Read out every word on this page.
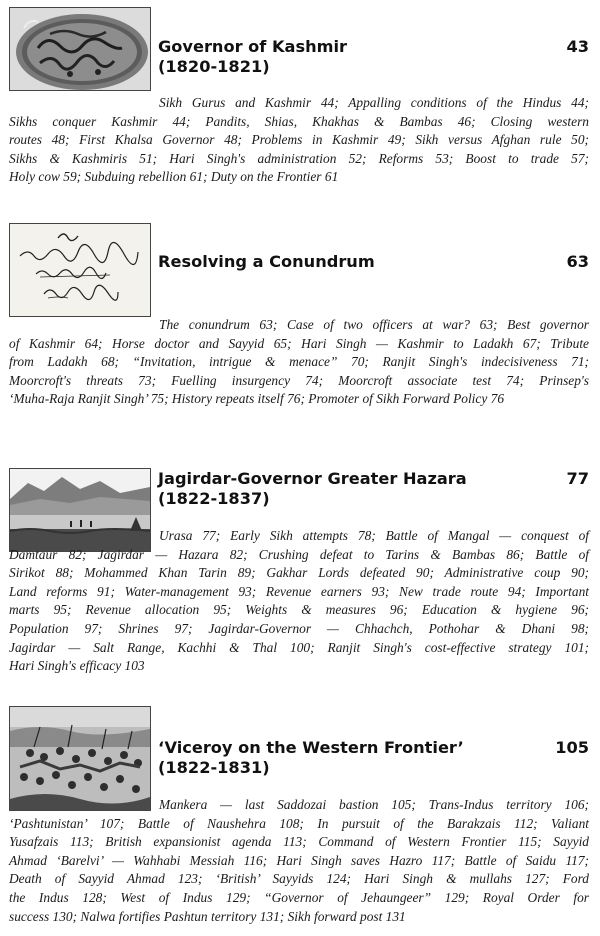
Governor of Kashmir
(1820-1821)
43
Sikh Gurus and Kashmir 44; Appalling conditions of the Hindus 44;
Sikhs conquer Kashmir 44; Pandits, Shias, Khakhas & Bambas 46; Closing western
routes 48; First Khalsa Governor 48; Problems in Kashmir 49; Sikh versus Afghan rule 50;
Sikhs & Kashmiris 51; Hari Singh's administration 52; Reforms 53; Boost to trade 57;
Holy cow 59; Subduing rebellion 61; Duty on the Frontier 61
Resolving a Conundrum	63
The conundrum 63; Case of two officers at war? 63; Best governor
of Kashmir 64; Horse doctor and Sayyid 65; Hari Singh — Kashmir to Ladakh 67; Tribute
from Ladakh 68; “Invitation, intrigue & menace” 70; Ranjit Singh's indecisiveness 71;
Moorcroft's threats 73; Fuelling insurgency 74; Moorcroft associate test 74; Prinsep's
‘Muha-Raja Ranjit Singh’ 75; History repeats itself 76; Promoter of Sikh Forward Policy 76
Jagirdar-Governor Greater Hazara
(1822-1837)
77
Urasa 77; Early Sikh attempts 78; Battle of Mangal — conquest of
Damtaur 82; Jagirdar — Hazara 82; Crushing defeat to Tarins & Bambas 86; Battle of
Sirikot 88; Mohammed Khan Tarin 89; Gakhar Lords defeated 90; Administrative coup 90;
Land reforms 91; Water-management 93; Revenue earners 93; New trade route 94; Important
marts 95; Revenue allocation 95; Weights & measures 96; Education & hygiene 96;
Population 97; Shrines 97; Jagirdar-Governor — Chhachch, Pothohar & Dhani 98;
Jagirdar — Salt Range, Kachhi & Thal 100; Ranjit Singh's cost-effective strategy 101;
Hari Singh's efficacy 103
‘Viceroy on the Western Frontier’
(1822-1831)
105
Mankera — last Saddozai bastion 105; Trans-Indus territory 106;
‘Pashtunistan’ 107; Battle of Naushehra 108; In pursuit of the Barakzais 112; Valiant
Yusafzais 113; British expansionist agenda 113; Command of Western Frontier 115; Sayyid
Ahmad ‘Barelvi’ — Wahhabi Messiah 116; Hari Singh saves Hazro 117; Battle of Saidu 117;
Death of Sayyid Ahmad 123; ‘British’ Sayyids 124; Hari Singh & mullahs 127; Ford
the Indus 128; West of Indus 129; “Governor of Jehaungeer” 129; Royal Order for
success 130; Nalwa fortifies Pashtun territory 131; Sikh forward post 131
